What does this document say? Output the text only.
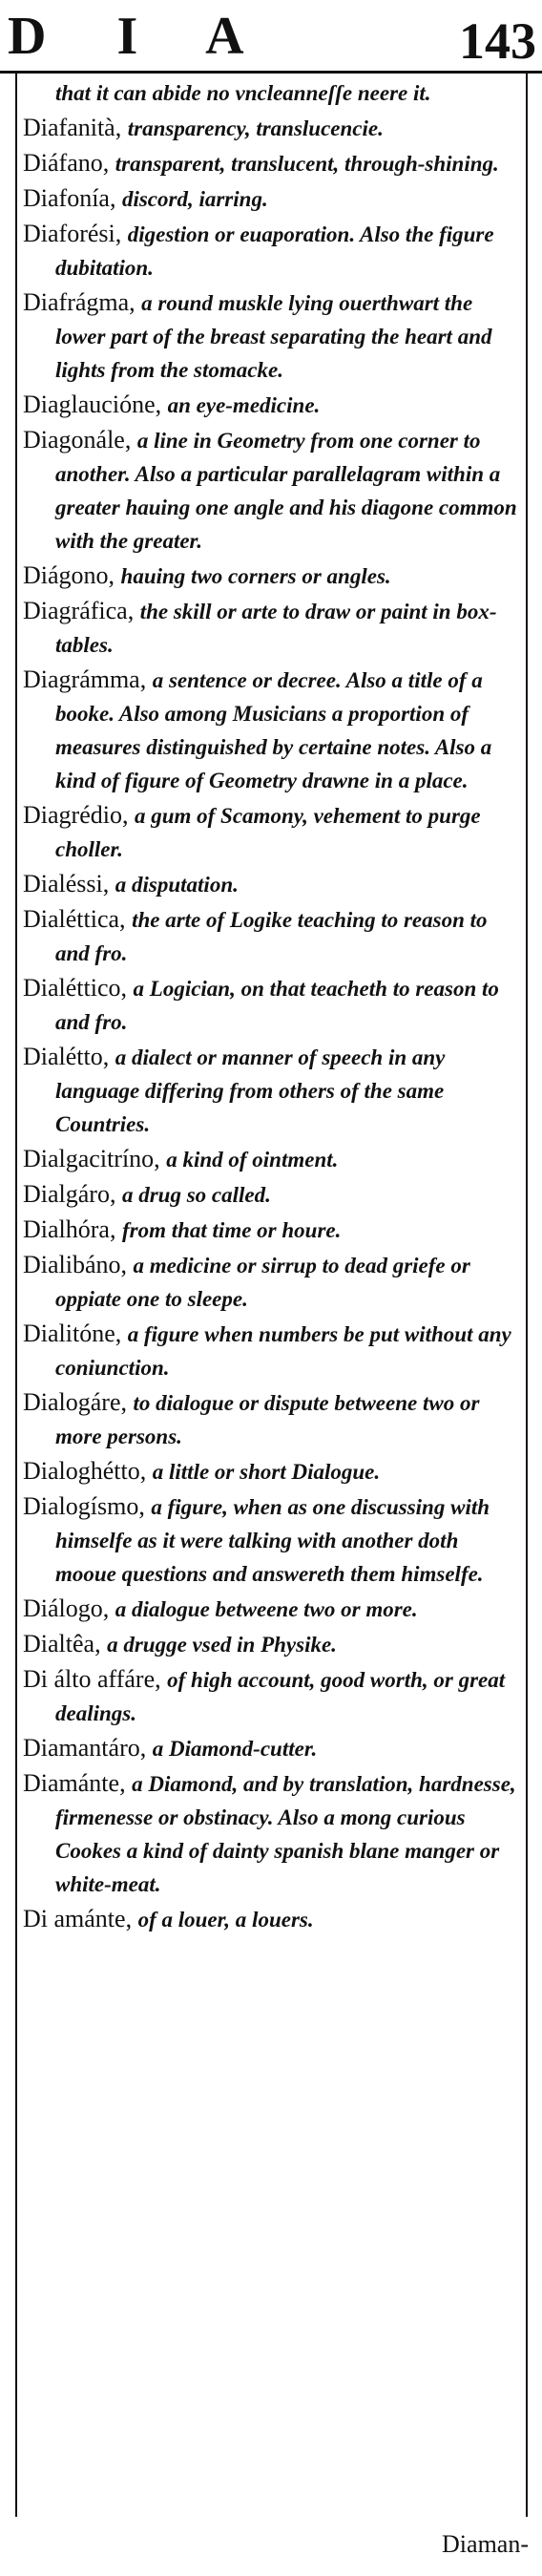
D I A	143
that it can abide no vncleanneſſe neere it.
Diafanità, transparency, translucencie.
Diáfano, transparent, translucent, through-shining.
Diafonía, discord, iarring.
Diaforési, digestion or euaporation. Also the figure dubitation.
Diafrágma, a round muskle lying ouerthwart the lower part of the breast separating the heart and lights from the stomacke.
Diaglaucióne, an eye-medicine.
Diagonále, a line in Geometry from one corner to another. Also a particular parallelagram within a greater hauing one angle and his diagone common with the greater.
Diágono, hauing two corners or angles.
Diagráfica, the skill or arte to draw or paint in box-tables.
Diagrámma, a sentence or decree. Also a title of a booke. Also among Musicians a proportion of measures distinguished by certaine notes. Also a kind of figure of Geometry drawne in a place.
Diagrédio, a gum of Scamony, vehement to purge choller.
Dialéssi, a disputation.
Dialéttica, the arte of Logike teaching to reason to and fro.
Dialéttico, a Logician, on that teacheth to reason to and fro.
Dialétto, a dialect or manner of speech in any language differing from others of the same Countries.
Dialgacitríno, a kind of ointment.
Dialgáro, a drug so called.
Dialhóra, from that time or houre.
Dialibáno, a medicine or sirrup to dead griefe or oppiate one to sleepe.
Dialitóne, a figure when numbers be put without any coniunction.
Dialogáre, to dialogue or dispute betweene two or more persons.
Dialoghétto, a little or short Dialogue.
Dialogísmo, a figure, when as one discussing with himselfe as it were talking with another doth mooue questions and answereth them himselfe.
Diálogo, a dialogue betweene two or more.
Dialtêa, a drugge vsed in Physike.
Di álto affáre, of high account, good worth, or great dealings.
Diamantáro, a Diamond-cutter.
Diamánte, a Diamond, and by translation, hardnesse, firmenesse or obstinacy. Also a mong curious Cookes a kind of dainty spanish blane manger or white-meat.
Di amánte, of a louer, a louers.
Diaman-
